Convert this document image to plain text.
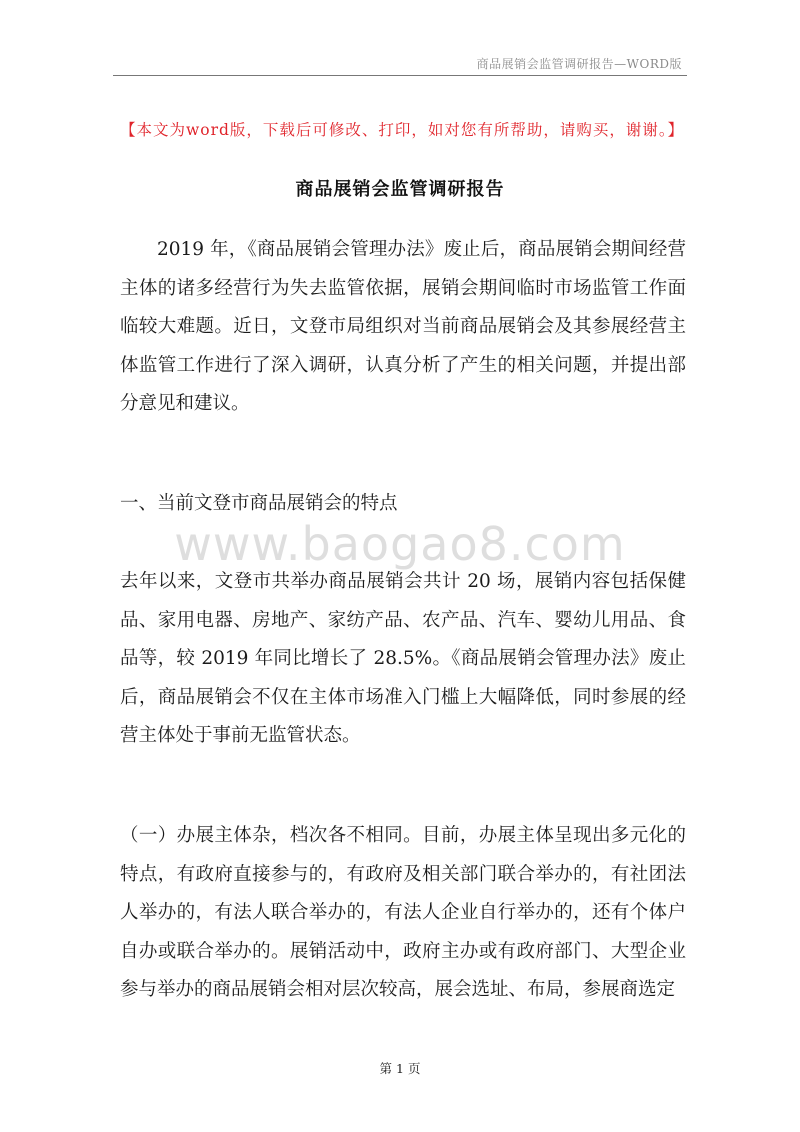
商品展销会监管调研报告—WORD版
【本文为word版，下载后可修改、打印，如对您有所帮助，请购买，谢谢。】
商品展销会监管调研报告

2019 年，《商品展销会管理办法》废止后，商品展销会期间经营主体的诸多经营行为失去监管依据，展销会期间临时市场监管工作面临较大难题。近日，文登市局组织对当前商品展销会及其参展经营主体监管工作进行了深入调研，认真分析了产生的相关问题，并提出部分意见和建议。

一、当前文登市商品展销会的特点

www.baogao8.com

去年以来，文登市共举办商品展销会共计 20 场，展销内容包括保健品、家用电器、房地产、家纺产品、农产品、汽车、婴幼儿用品、食品等，较 2019 年同比增长了 28.5%。《商品展销会管理办法》废止后，商品展销会不仅在主体市场准入门槛上大幅降低，同时参展的经营主体处于事前无监管状态。

（一）办展主体杂，档次各不相同。目前，办展主体呈现出多元化的特点，有政府直接参与的，有政府及相关部门联合举办的，有社团法人举办的，有法人联合举办的，有法人企业自行举办的，还有个体户自办或联合举办的。展销活动中，政府主办或有政府部门、大型企业参与举办的商品展销会相对层次较高，展会选址、布局，参展商选定

第 1 页
